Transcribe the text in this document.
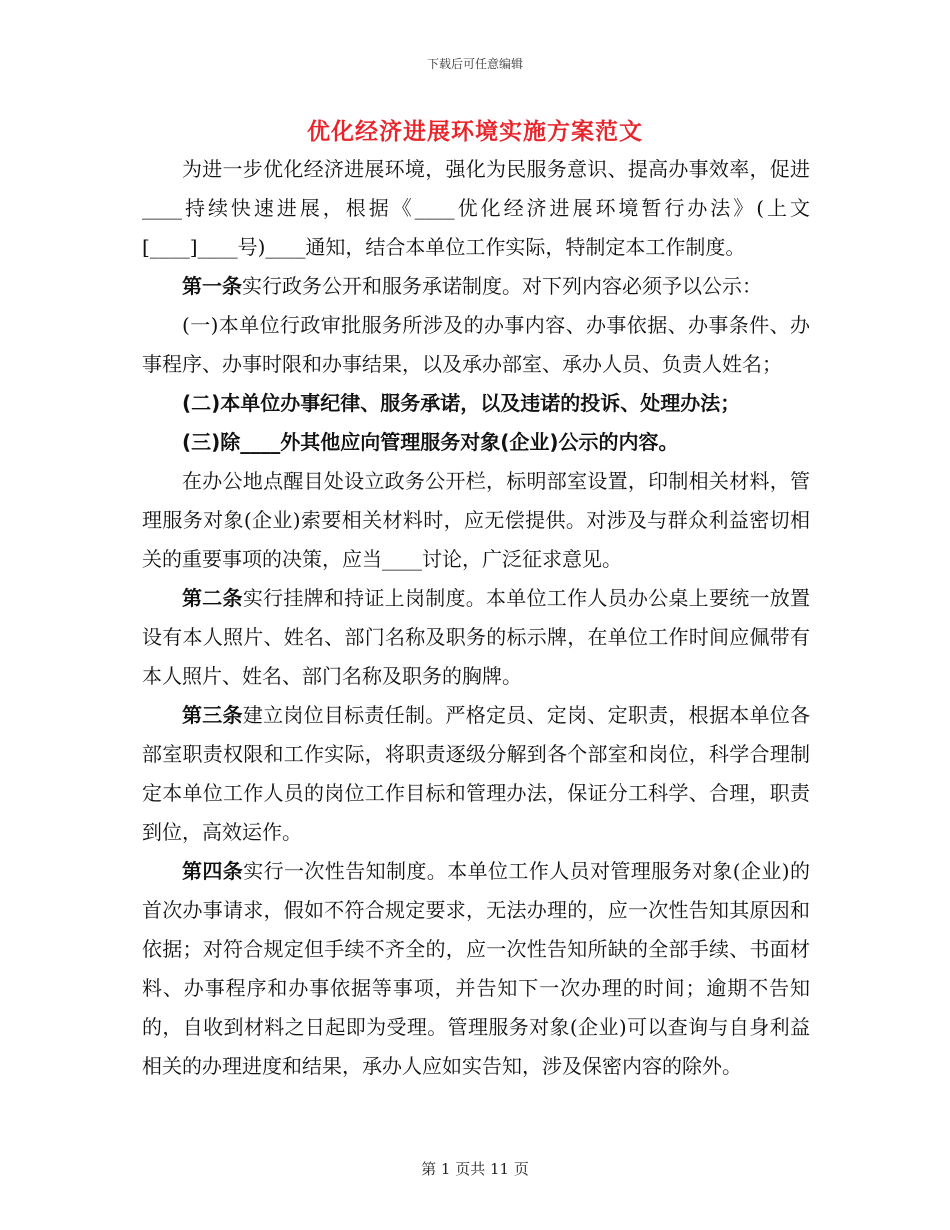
下载后可任意编辑
优化经济进展环境实施方案范文

为进一步优化经济进展环境，强化为民服务意识、提高办事效率，促进____持续快速进展，根据《____优化经济进展环境暂行办法》(上文[____]____号)____通知，结合本单位工作实际，特制定本工作制度。

第一条实行政务公开和服务承诺制度。对下列内容必须予以公示：

(一)本单位行政审批服务所涉及的办事内容、办事依据、办事条件、办事程序、办事时限和办事结果，以及承办部室、承办人员、负责人姓名；

(二)本单位办事纪律、服务承诺，以及违诺的投诉、处理办法；

(三)除____外其他应向管理服务对象(企业)公示的内容。

在办公地点醒目处设立政务公开栏，标明部室设置，印制相关材料，管理服务对象(企业)索要相关材料时，应无偿提供。对涉及与群众利益密切相关的重要事项的决策，应当____讨论，广泛征求意见。

第二条实行挂牌和持证上岗制度。本单位工作人员办公桌上要统一放置设有本人照片、姓名、部门名称及职务的标示牌，在单位工作时间应佩带有本人照片、姓名、部门名称及职务的胸牌。

第三条建立岗位目标责任制。严格定员、定岗、定职责，根据本单位各部室职责权限和工作实际，将职责逐级分解到各个部室和岗位，科学合理制定本单位工作人员的岗位工作目标和管理办法，保证分工科学、合理，职责到位，高效运作。

第四条实行一次性告知制度。本单位工作人员对管理服务对象(企业)的首次办事请求，假如不符合规定要求，无法办理的，应一次性告知其原因和依据；对符合规定但手续不齐全的，应一次性告知所缺的全部手续、书面材料、办事程序和办事依据等事项，并告知下一次办理的时间；逾期不告知的，自收到材料之日起即为受理。管理服务对象(企业)可以查询与自身利益相关的办理进度和结果，承办人应如实告知，涉及保密内容的除外。

第 1 页共 11 页
